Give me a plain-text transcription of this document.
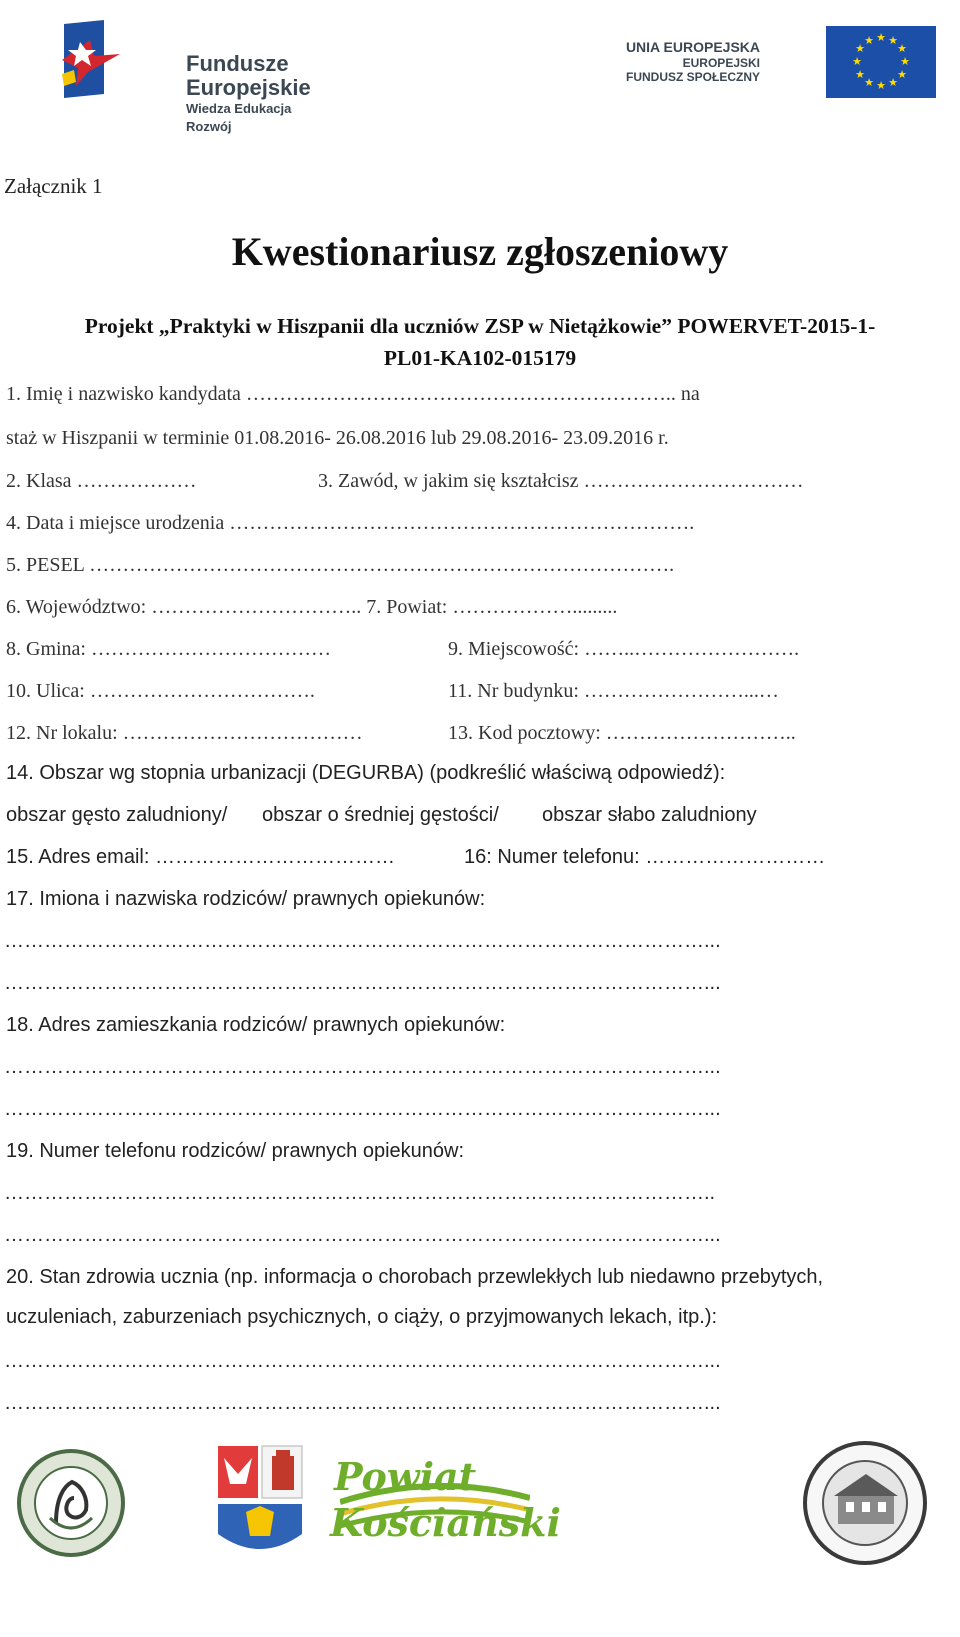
Fundusze
Europejskie
Wiedza Edukacja Rozwój
UNIA EUROPEJSKA
EUROPEJSKI
FUNDUSZ SPOŁECZNY
★ ★
★
★
★
★
★
★
★
★
★
★
Załącznik 1
Kwestionariusz zgłoszeniowy
Projekt „Praktyki w Hiszpanii dla uczniów ZSP w Nietążkowie” POWERVET-2015-1-
PL01-KA102-015179
1. Imię i nazwisko kandydata ……………………………………………………….. na
staż w Hiszpanii w terminie 01.08.2016- 26.08.2016 lub 29.08.2016- 23.09.2016 r.
2. Klasa ………………	3. Zawód, w jakim się kształcisz ……………………………
4. Data i miejsce urodzenia …………………………………………………………….
5. PESEL …………………………………………………………………………….
6. Województwo: ………………………….. 7. Powiat: ……………….........
8. Gmina: ………………………………	9. Miejscowość: ……..…………………….
10. Ulica: …………………………….	11. Nr budynku: ……………………...…
12. Nr lokalu: ………………………………	13. Kod pocztowy: ………………………..
14. Obszar wg stopnia urbanizacji (DEGURBA) (podkreślić właściwą odpowiedź):
obszar gęsto zaludniony/ obszar o średniej gęstości/ obszar słabo zaludniony
15. Adres email: ………………………………	16: Numer telefonu: ………………………
17. Imiona i nazwiska rodziców/ prawnych opiekunów:
……………………………………………………………………………………………...
……………………………………………………………………………………………...
18. Adres zamieszkania rodziców/ prawnych opiekunów:
……………………………………………………………………………………………...
……………………………………………………………………………………………...
19. Numer telefonu rodziców/ prawnych opiekunów:
……………………………………………………………………………………………..
……………………………………………………………………………………………...
20. Stan zdrowia ucznia (np. informacja o chorobach przewlekłych lub niedawno przebytych,
uczuleniach, zaburzeniach psychicznych, o ciąży, o przyjmowanych lekach, itp.):
……………………………………………………………………………………………...
……………………………………………………………………………………………...
Powiat
Kościański
